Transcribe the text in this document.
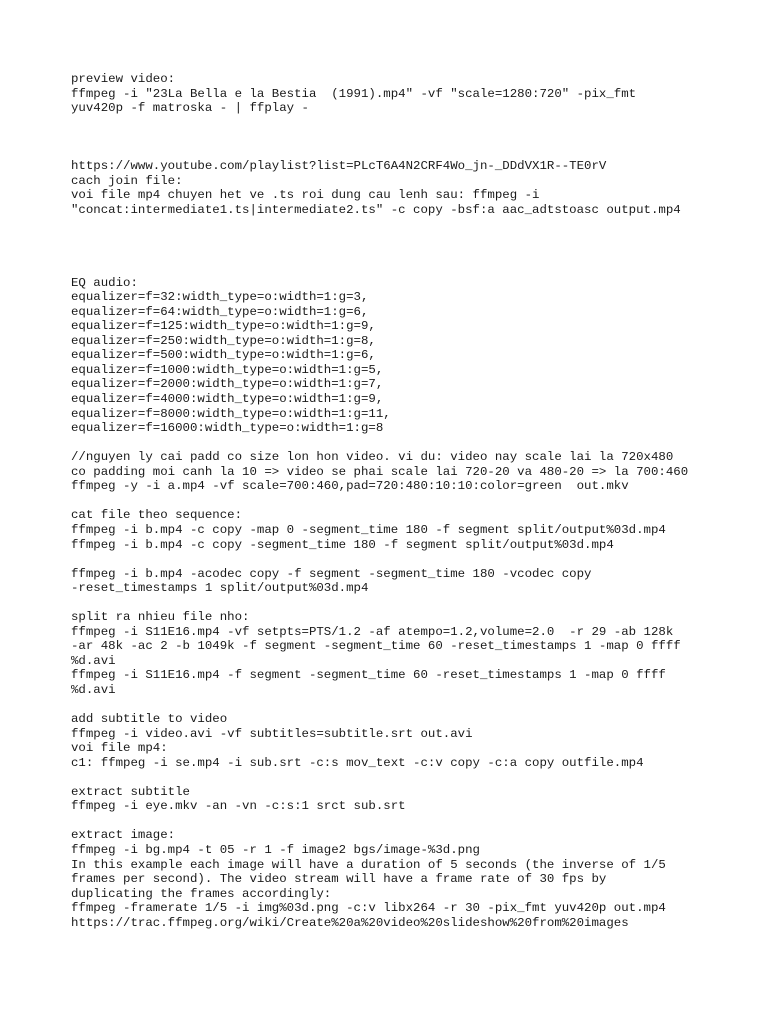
preview video:
ffmpeg -i "23La Bella e la Bestia  (1991).mp4" -vf "scale=1280:720" -pix_fmt
yuv420p -f matroska - | ffplay -
https://www.youtube.com/playlist?list=PLcT6A4N2CRF4Wo_jn-_DDdVX1R--TE0rV
cach join file:
voi file mp4 chuyen het ve .ts roi dung cau lenh sau: ffmpeg -i
"concat:intermediate1.ts|intermediate2.ts" -c copy -bsf:a aac_adtstoasc output.mp4
EQ audio:
equalizer=f=32:width_type=o:width=1:g=3,
equalizer=f=64:width_type=o:width=1:g=6,
equalizer=f=125:width_type=o:width=1:g=9,
equalizer=f=250:width_type=o:width=1:g=8,
equalizer=f=500:width_type=o:width=1:g=6,
equalizer=f=1000:width_type=o:width=1:g=5,
equalizer=f=2000:width_type=o:width=1:g=7,
equalizer=f=4000:width_type=o:width=1:g=9,
equalizer=f=8000:width_type=o:width=1:g=11,
equalizer=f=16000:width_type=o:width=1:g=8
//nguyen ly cai padd co size lon hon video. vi du: video nay scale lai la 720x480
co padding moi canh la 10 => video se phai scale lai 720-20 va 480-20 => la 700:460
ffmpeg -y -i a.mp4 -vf scale=700:460,pad=720:480:10:10:color=green  out.mkv
cat file theo sequence:
ffmpeg -i b.mp4 -c copy -map 0 -segment_time 180 -f segment split/output%03d.mp4
ffmpeg -i b.mp4 -c copy -segment_time 180 -f segment split/output%03d.mp4
ffmpeg -i b.mp4 -acodec copy -f segment -segment_time 180 -vcodec copy
-reset_timestamps 1 split/output%03d.mp4
split ra nhieu file nho:
ffmpeg -i S11E16.mp4 -vf setpts=PTS/1.2 -af atempo=1.2,volume=2.0  -r 29 -ab 128k
-ar 48k -ac 2 -b 1049k -f segment -segment_time 60 -reset_timestamps 1 -map 0 ffff
%d.avi
ffmpeg -i S11E16.mp4 -f segment -segment_time 60 -reset_timestamps 1 -map 0 ffff
%d.avi
add subtitle to video
ffmpeg -i video.avi -vf subtitles=subtitle.srt out.avi
voi file mp4:
c1: ffmpeg -i se.mp4 -i sub.srt -c:s mov_text -c:v copy -c:a copy outfile.mp4
extract subtitle
ffmpeg -i eye.mkv -an -vn -c:s:1 srct sub.srt
extract image:
ffmpeg -i bg.mp4 -t 05 -r 1 -f image2 bgs/image-%3d.png
In this example each image will have a duration of 5 seconds (the inverse of 1/5
frames per second). The video stream will have a frame rate of 30 fps by
duplicating the frames accordingly:
ffmpeg -framerate 1/5 -i img%03d.png -c:v libx264 -r 30 -pix_fmt yuv420p out.mp4
https://trac.ffmpeg.org/wiki/Create%20a%20video%20slideshow%20from%20images
